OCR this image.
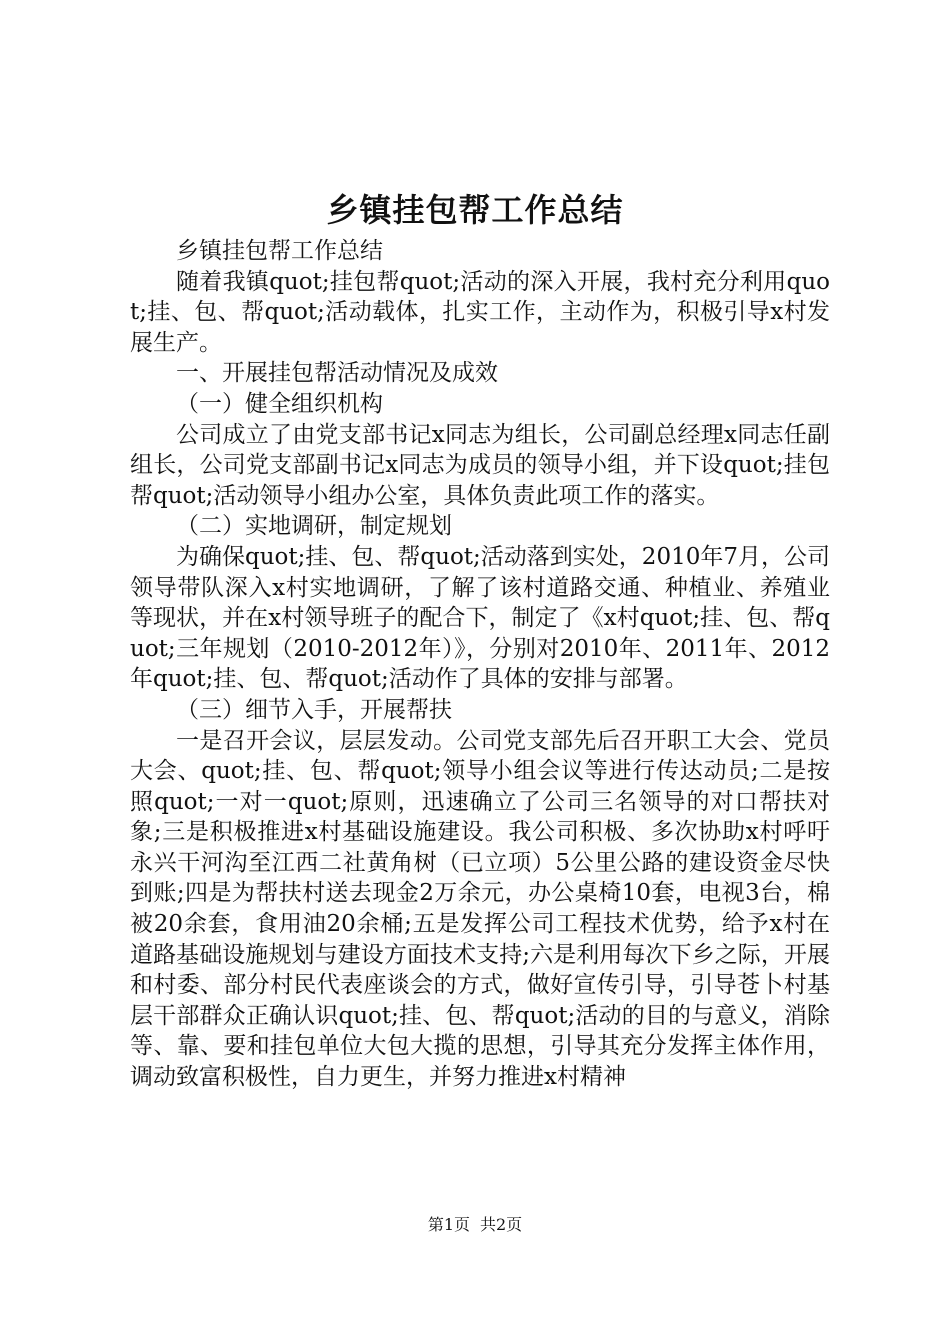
乡镇挂包帮工作总结

乡镇挂包帮工作总结

随着我镇quot;挂包帮quot;活动的深入开展，我村充分利用quot;挂、包、帮quot;活动载体，扎实工作，主动作为，积极引导x村发展生产。

一、开展挂包帮活动情况及成效

（一）健全组织机构

公司成立了由党支部书记x同志为组长，公司副总经理x同志任副组长，公司党支部副书记x同志为成员的领导小组，并下设quot;挂包帮quot;活动领导小组办公室，具体负责此项工作的落实。

（二）实地调研，制定规划

为确保quot;挂、包、帮quot;活动落到实处，2010年7月，公司领导带队深入x村实地调研，了解了该村道路交通、种植业、养殖业等现状，并在x村领导班子的配合下，制定了《x村quot;挂、包、帮quot;三年规划（2010-2012年）》，分别对2010年、2011年、2012年quot;挂、包、帮quot;活动作了具体的安排与部署。

（三）细节入手，开展帮扶

一是召开会议，层层发动。公司党支部先后召开职工大会、党员大会、quot;挂、包、帮quot;领导小组会议等进行传达动员;二是按照quot;一对一quot;原则，迅速确立了公司三名领导的对口帮扶对象;三是积极推进x村基础设施建设。我公司积极、多次协助x村呼吁永兴干河沟至江西二社黄角树（已立项）5公里公路的建设资金尽快到账;四是为帮扶村送去现金2万余元，办公桌椅10套，电视3台，棉被20余套，食用油20余桶;五是发挥公司工程技术优势，给予x村在道路基础设施规划与建设方面技术支持;六是利用每次下乡之际，开展和村委、部分村民代表座谈会的方式，做好宣传引导，引导苍卜村基层干部群众正确认识quot;挂、包、帮quot;活动的目的与意义，消除等、靠、要和挂包单位大包大揽的思想，引导其充分发挥主体作用，调动致富积极性，自力更生，并努力推进x村精神

第1页 共2页
